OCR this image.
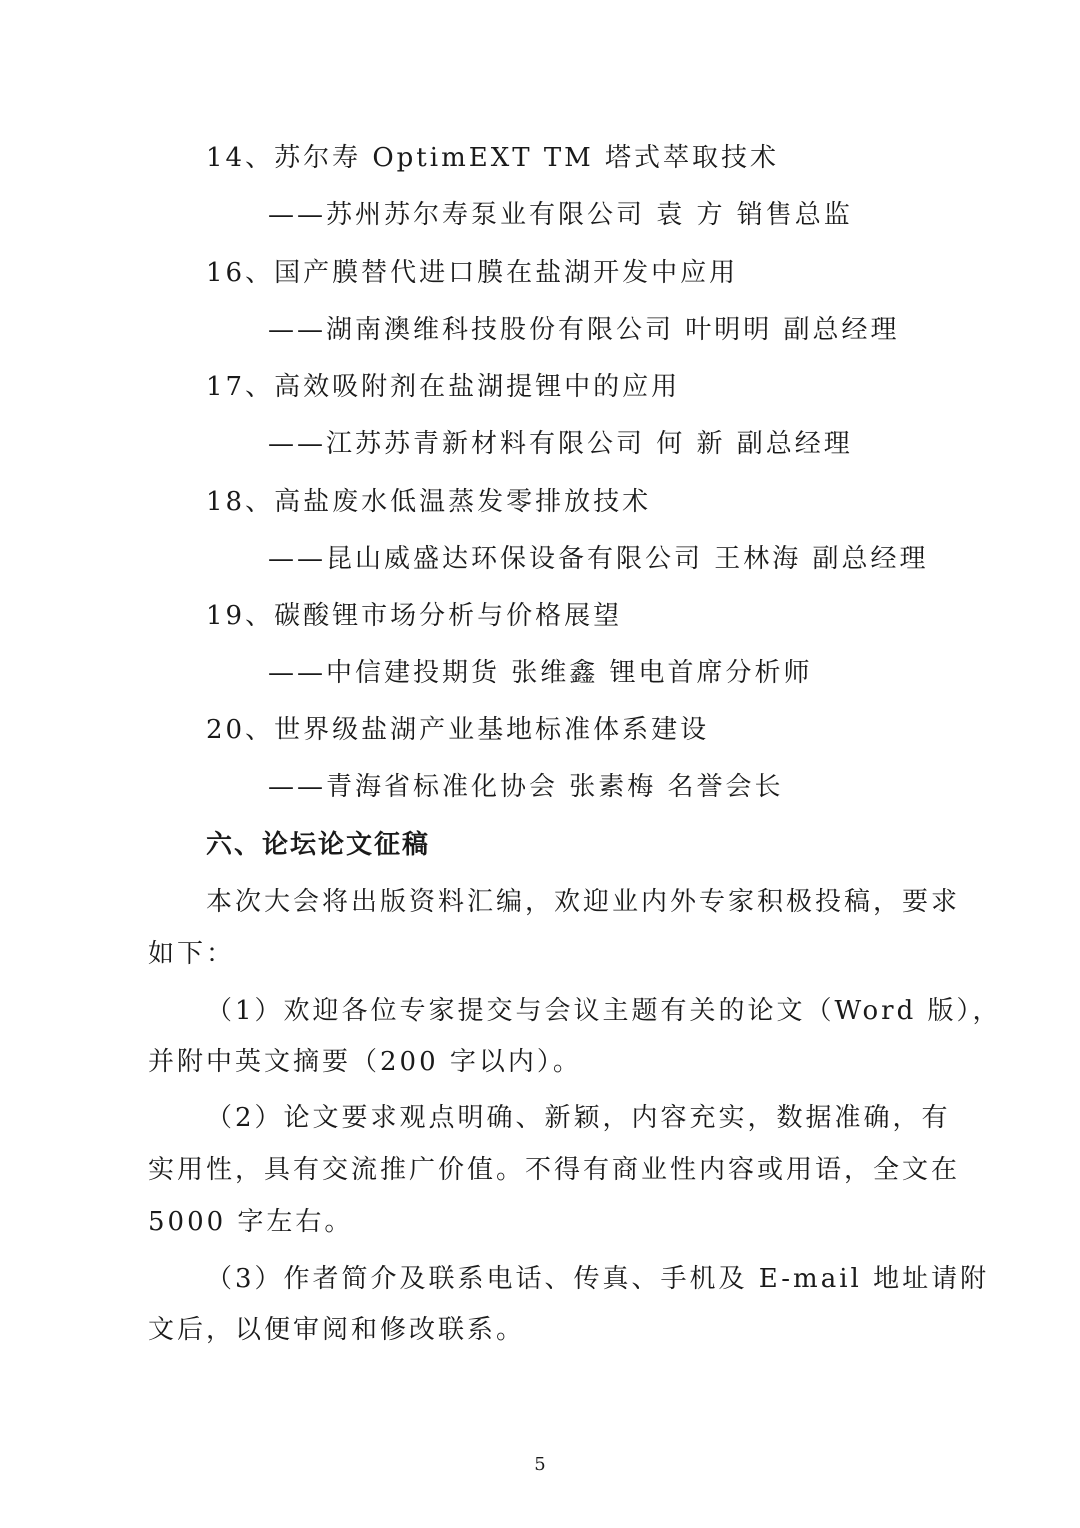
14、苏尔寿 OptimEXT TM 塔式萃取技术
——苏州苏尔寿泵业有限公司 袁 方 销售总监
16、国产膜替代进口膜在盐湖开发中应用
——湖南澳维科技股份有限公司 叶明明 副总经理
17、高效吸附剂在盐湖提锂中的应用
——江苏苏青新材料有限公司 何 新 副总经理
18、高盐废水低温蒸发零排放技术
——昆山威盛达环保设备有限公司 王林海 副总经理
19、碳酸锂市场分析与价格展望
——中信建投期货 张维鑫 锂电首席分析师
20、世界级盐湖产业基地标准体系建设
——青海省标准化协会 张素梅 名誉会长
六、论坛论文征稿
本次大会将出版资料汇编，欢迎业内外专家积极投稿，要求
如下：
（1）欢迎各位专家提交与会议主题有关的论文（Word 版），
并附中英文摘要（200 字以内）。
（2）论文要求观点明确、新颖，内容充实，数据准确，有
实用性，具有交流推广价值。不得有商业性内容或用语，全文在
5000 字左右。
（3）作者简介及联系电话、传真、手机及 E-mail 地址请附
文后，以便审阅和修改联系。
5
